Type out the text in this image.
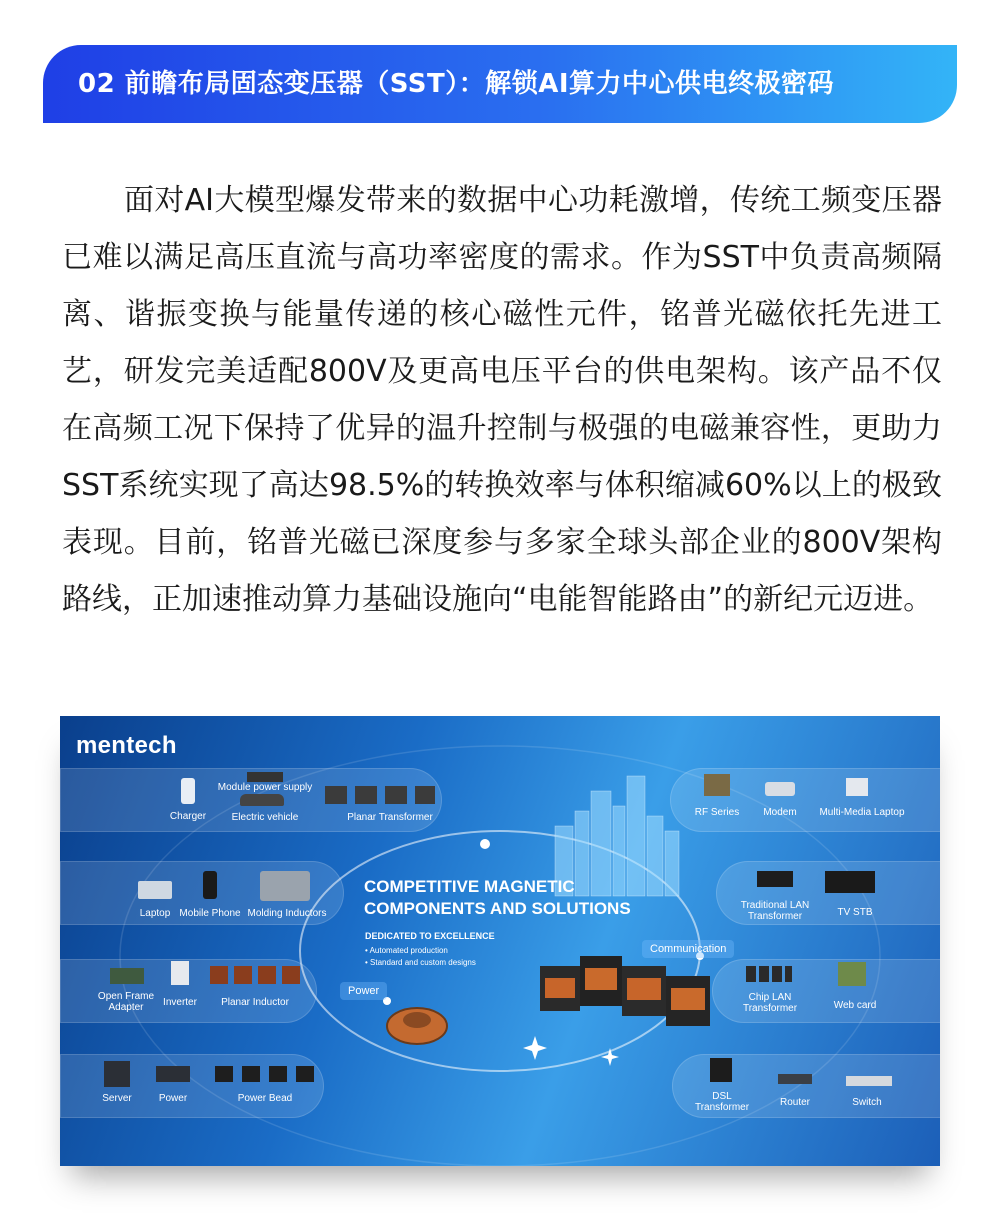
02 前瞻布局固态变压器（SST）：解锁AI算力中心供电终极密码

面对AI大模型爆发带来的数据中心功耗激增，传统工频变压器已难以满足高压直流与高功率密度的需求。作为SST中负责高频隔离、谐振变换与能量传递的核心磁性元件，铭普光磁依托先进工艺，研发完美适配800V及更高电压平台的供电架构。该产品不仅在高频工况下保持了优异的温升控制与极强的电磁兼容性，更助力SST系统实现了高达98.5%的转换效率与体积缩减60%以上的极致表现。目前，铭普光磁已深度参与多家全球头部企业的800V架构路线，正加速推动算力基础设施向“电能智能路由”的新纪元迈进。

mentech
Module power supply
Charger	Electric vehicle	Planar Transformer
Laptop Mobile Phone Molding Inductors
Open Frame
Adapter	Inverter	Planar Inductor
Server	Power	Power Bead
RF Series	Modem	Multi-Media Laptop
Traditional LAN
Transformer	TV STB
Chip LAN
Transformer	Web card
DSL
Transformer	Router	Switch
COMPETITIVE MAGNETIC
COMPONENTS AND SOLUTIONS
DEDICATED TO EXCELLENCE
• Automated production
• Standard and custom designs
Power
Communication
